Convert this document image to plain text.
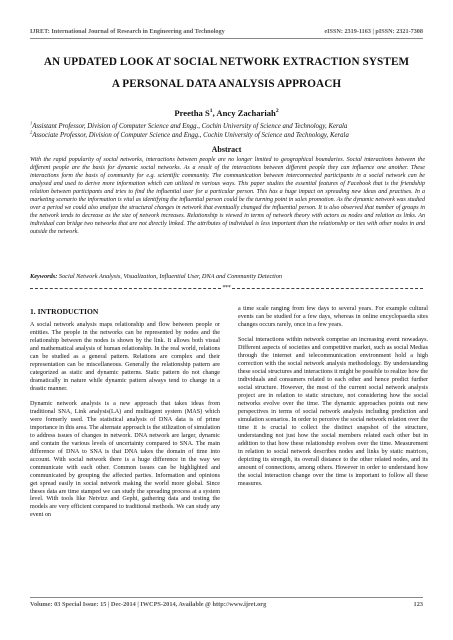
IJRET: International Journal of Research in Engineering and Technology	eISSN: 2319-1163 | pISSN: 2321-7308
AN UPDATED LOOK AT SOCIAL NETWORK EXTRACTION SYSTEM
A PERSONAL DATA ANALYSIS APPROACH
Preetha $S^1$, Ancy Zachariah$^2$
$^1$Assistant Professor, Division of Computer Science and Engg., Cochin University of Science and Technology, Kerala
$^2$Associate Professor, Division of Computer Science and Engg., Cochin University of Science and Technology, Kerala
Abstract
With the rapid popularity of social networks, interactions between people are no longer limited to geographical boundaries. Social interactions between the different people are the basis for dynamic social networks. As a result of the interactions between different people they can influence one another. These interactions form the basis of community for e.g. scientific community. The communication between interconnected participants in a social network can be analysed and used to derive more information which can utilized in various ways. This paper studies the essential features of Facebook that is the friendship relation between participants and tries to find the influential user for a particular person. This has a huge impact on spreading new ideas and practises. In a marketing scenario the information is vital as identifying the influential person could be the turning point in sales promotion. As the dynamic network was studied over a period we could also analyze the structural changes in network that eventually changed the influential person. It is also observed that number of groups in the network tends to decrease as the size of network increases. Relationship is viewed in terms of network theory with actors as nodes and relation as links. An individual can bridge two networks that are not directly linked. The attributes of individual is less important than the relationship or ties with other nodes in and outside the network.
Keywords: Social Network Analysis, Visualization, Influential User, DNA and Community Detection
***
1. INTRODUCTION

A social network analysis maps relationship and flow between people or entities. The people in the networks can be represented by nodes and the relationship between the nodes is shown by the link. It allows both visual and mathematical analysis of human relationship. In the real world, relations can be studied as a general pattern. Relations are complex and their representation can be miscellaneous. Generally the relationship pattern are categorized as static and dynamic patterns. Static pattern do not change dramatically in nature while dynamic pattern always tend to change in a drastic manner.

Dynamic network analysis is a new approach that takes ideas from traditional SNA, Link analysis(LA) and multiagent system (MAS) which were formerly used. The statistical analysis of DNA data is of prime importance in this area. The alternate approach is the stilization of simulation to address issues of changes in network. DNA network are larger, dynamic and contain the various levels of uncertainty compared to SNA. The main difference of DNA to SNA is that DNA takes the domain of time into account. With social network there is a huge difference in the way we communicate with each other. Common issues can be highlighted and communicated by grouping the affected parties. Information and opinions get spread easily in social network making the world more global. Since theses data are time stamped we can study the spreading process at a system level. With tools like Netvizz and Gephi, gathering data and testing the models are very efficient compared to traditional methods. We can study any event on

a time scale ranging from few days to several years. For example cultural events can be studied for a few days, whereas in online encyclopaedia sites changes occurs rarely, once in a few years.

Social interactions within network comprise an increasing event nowadays. Different aspects of societies and competitive market, such as social Medias through the internet and telecommunication environment hold a high correction with the social network analysis methodology. By understanding these social structures and interactions it might be possible to realize how the individuals and consumers related to each other and hence predict further social structure. However, the most of the current social network analysis project are in relation to static structure, not considering how the social networks evolve over the time. The dynamic approaches points out new perspectives in terms of social network analysis including prediction and simulation scenarios. In order to perceive the social network relation over the time it is crucial to collect the distinct snapshot of the structure, understanding not just how the social members related each other but in addition to that how these relationship evolves over the time. Measurement in relation to social network describes nodes and links by static matrices, depicting its strength, its overall distance to the other related nodes, and its amount of connections, among others. However in order to understand how the social interaction change over the time is important to follow all these measures.

Volume: 03 Special Issue: 15 | Dec-2014 | IWCPS-2014, Available @ http://www.ijret.org	123
